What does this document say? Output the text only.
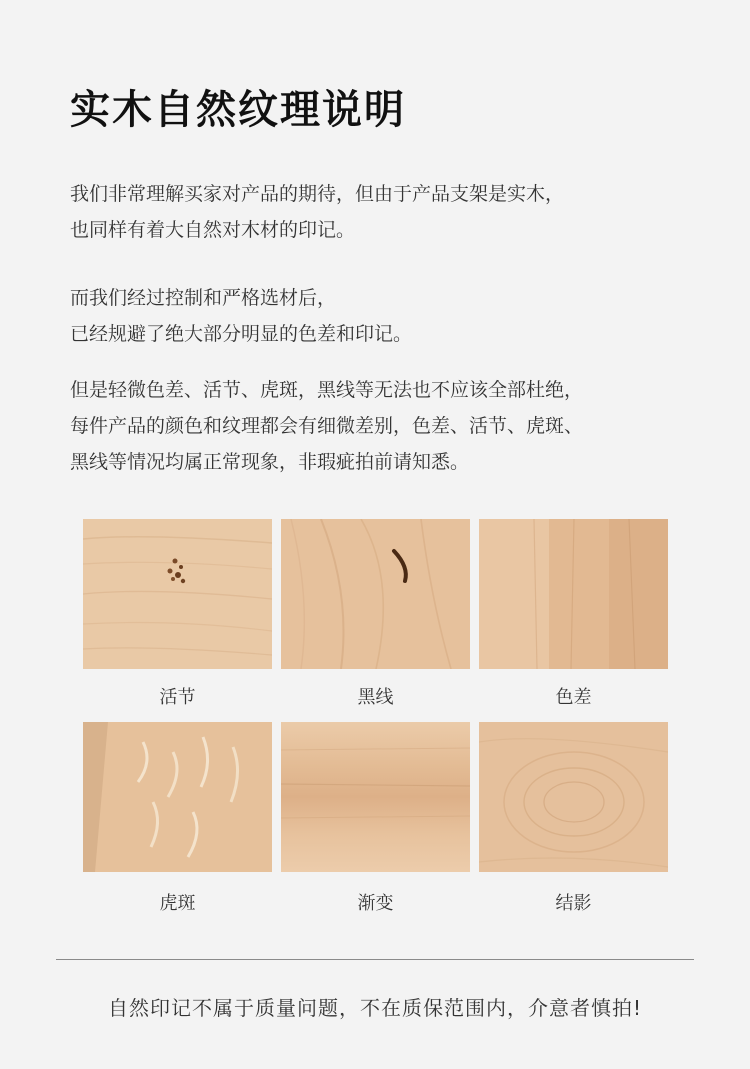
实木自然纹理说明

我们非常理解买家对产品的期待，但由于产品支架是实木，
也同样有着大自然对木材的印记。

而我们经过控制和严格选材后，
已经规避了绝大部分明显的色差和印记。

但是轻微色差、活节、虎斑，黑线等无法也不应该全部杜绝，
每件产品的颜色和纹理都会有细微差别，色差、活节、虎斑、
黑线等情况均属正常现象，非瑕疵拍前请知悉。

活节	黑线	色差
虎斑	渐变	结影

自然印记不属于质量问题，不在质保范围内，介意者慎拍!
